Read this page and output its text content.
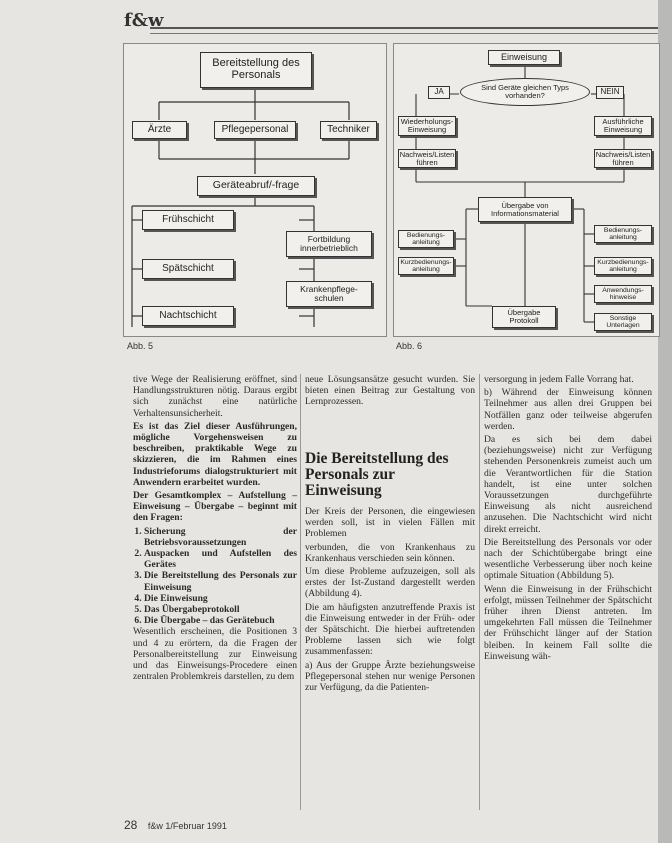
f&w
Bereitstellung des Personals
Ärzte	Pflegepersonal	Techniker
Geräteabruf/-frage
Frühschicht
Spätschicht
Nachtschicht
Fortbildung innerbetrieblich
Krankenpflege-schulen
Abb. 5
Einweisung
Sind Geräte gleichen Typs vorhanden?
JA	NEIN
Wiederholungs-Einweisung
Ausführliche Einweisung
Nachweis/Listen führen
Nachweis/Listen führen
Übergabe von Informationsmaterial
Bedienungs-anleitung
Kurzbedienungs-anleitung
Bedienungs-anleitung
Kurzbedienungs-anleitung
Anwendungs-hinweise
Sonstige Unterlagen
Übergabe Protokoll
Abb. 6

tive Wege der Realisierung eröffnet, sind Handlungsstrukturen nötig. Daraus ergibt sich zunächst eine natürliche Verhaltensunsicherheit.

Es ist das Ziel dieser Ausführungen, mögliche Vorgehensweisen zu beschreiben, praktikable Wege zu skizzieren, die im Rahmen eines Industrieforums dialogstrukturiert mit Anwendern erarbeitet wurden.

Der Gesamtkomplex – Aufstellung – Einweisung – Übergabe – beginnt mit den Fragen:

1. Sicherung der Betriebsvoraussetzungen
2. Auspacken und Aufstellen des Gerätes
3. Die Bereitstellung des Personals zur Einweisung
4. Die Einweisung
5. Das Übergabeprotokoll
6. Die Übergabe – das Gerätebuch

Wesentlich erscheinen, die Positionen 3 und 4 zu erörtern, da die Fragen der Personalbereitstellung zur Einweisung und das Einweisungs-Procedere einen zentralen Problemkreis darstellen, zu dem

neue Lösungsansätze gesucht wurden. Sie bieten einen Beitrag zur Gestaltung von Lernprozessen.

Die Bereitstellung des Personals zur Einweisung

Der Kreis der Personen, die eingewiesen werden soll, ist in vielen Fällen mit Problemen

verbunden, die von Krankenhaus zu Krankenhaus verschieden sein können.

Um diese Probleme aufzuzeigen, soll als erstes der Ist-Zustand dargestellt werden (Abbildung 4).

Die am häufigsten anzutreffende Praxis ist die Einweisung entweder in der Früh- oder der Spätschicht. Die hierbei auftretenden Probleme lassen sich wie folgt zusammenfassen:

a) Aus der Gruppe Ärzte beziehungsweise Pflegepersonal stehen nur wenige Personen zur Verfügung, da die Patienten-

versorgung in jedem Falle Vorrang hat.

b) Während der Einweisung können Teilnehmer aus allen drei Gruppen bei Notfällen ganz oder teilweise abgerufen werden.

Da es sich bei dem dabei (beziehungsweise) nicht zur Verfügung stehenden Personenkreis zumeist auch um die Verantwortlichen für die Station handelt, ist eine unter solchen Voraussetzungen durchgeführte Einweisung als nicht ausreichend anzusehen. Die Nachtschicht wird nicht direkt erreicht.

Die Bereitstellung des Personals vor oder nach der Schichtübergabe bringt eine wesentliche Verbesserung über noch keine optimale Situation (Abbildung 5).

Wenn die Einweisung in der Frühschicht erfolgt, müssen Teilnehmer der Spätschicht früher ihren Dienst antreten. Im umgekehrten Fall müssen die Teilnehmer der Frühschicht länger auf der Station bleiben. In keinem Fall sollte die Einweisung wäh-

28 f&w 1/Februar 1991
